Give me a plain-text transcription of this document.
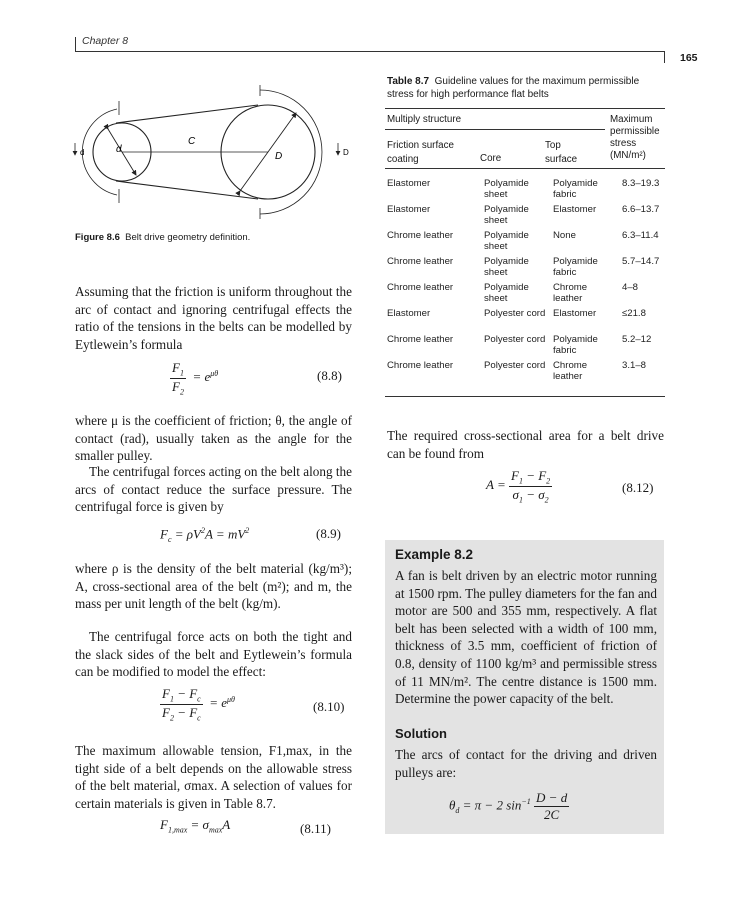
Chapter 8
165
d	D
d
C
D
Figure 8.6 Belt drive geometry definition.
Assuming that the friction is uniform throughout the arc of contact and ignoring centrifugal effects the ratio of the tensions in the belts can be modelled by Eytlewein’s formula
$\frac{F_1}{F_2} = e^{\mu\theta}$	(8.8)
where μ is the coefficient of friction; θ, the angle of contact (rad), usually taken as the angle for the smaller pulley.
The centrifugal forces acting on the belt along the arcs of contact reduce the surface pressure. The centrifugal force is given by
$F_c = \rho V^2A = mV^2$	(8.9)
where ρ is the density of the belt material (kg/m³); A, cross-sectional area of the belt (m²); and m, the mass per unit length of the belt (kg/m).
The centrifugal force acts on both the tight and the slack sides of the belt and Eytlewein’s formula can be modified to model the effect:
$\frac{F_1 - F_c}{F_2 - F_c} = e^{\mu\theta}$	(8.10)
The maximum allowable tension, F1,max, in the tight side of a belt depends on the allowable stress of the belt material, σmax. A selection of values for certain materials is given in Table 8.7.
$F_{1,max} = \sigma_{max}A$	(8.11)
Table 8.7 Guideline values for the maximum permissible stress for high performance flat belts
Multiply structure	Maximum permissible stress (MN/m²)
Friction surface coating	Core
Top surface
Elastomer	Polyamide sheet	Polyamide fabric	8.3–19.3
Elastomer	Polyamide sheet	Elastomer	6.6–13.7
Chrome leather	Polyamide sheet	None	6.3–11.4
Chrome leather	Polyamide sheet	Polyamide fabric	5.7–14.7
Chrome leather	Polyamide sheet	Chrome leather	4–8
Elastomer	Polyester cord	Elastomer	≤21.8
Chrome leather	Polyester cord	Polyamide fabric	5.2–12
Chrome leather	Polyester cord	Chrome leather	3.1–8
The required cross-sectional area for a belt drive can be found from
$A = \frac{F_1 - F_2}{\sigma_1 - \sigma_2}$	(8.12)
Example 8.2
A fan is belt driven by an electric motor running at 1500 rpm. The pulley diameters for the fan and motor are 500 and 355 mm, respectively. A flat belt has been selected with a width of 100 mm, thickness of 3.5 mm, coefficient of friction of 0.8, density of 1100 kg/m³ and permissible stress of 11 MN/m². The centre distance is 1500 mm. Determine the power capacity of the belt.
Solution
The arcs of contact for the driving and driven pulleys are:
$\theta_d = \pi - 2$ $\sin^{-1} \frac{D - d}{2C}$
